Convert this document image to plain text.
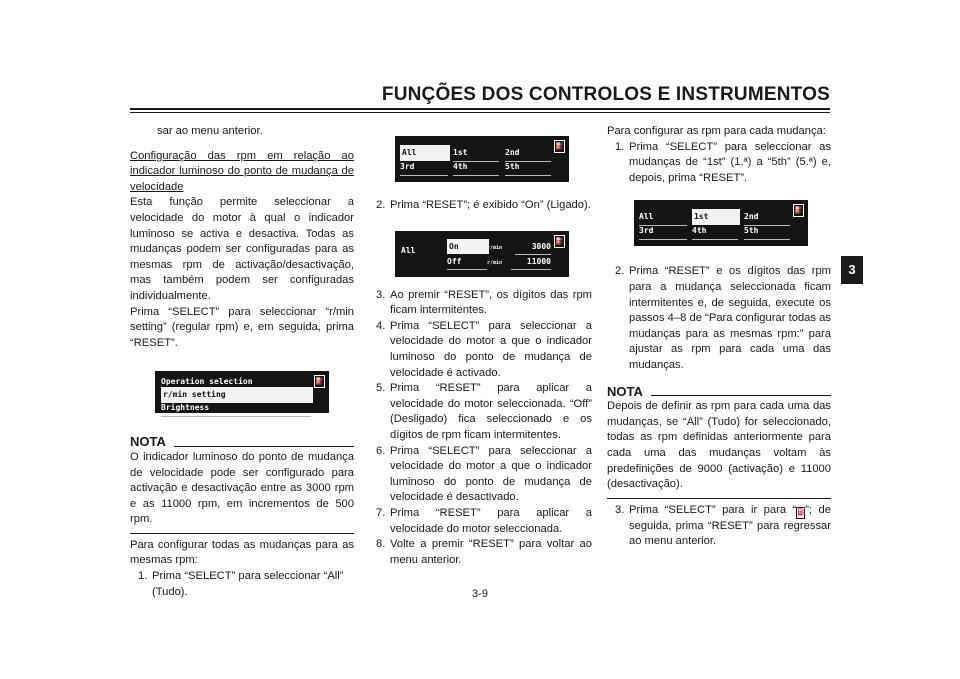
FUNÇÕES DOS CONTROLOS E INSTRUMENTOS
3

sar ao menu anterior.

Configuração das rpm em relação ao indicador luminoso do ponto de mudança de velocidade

Esta função permite seleccionar a velocidade do motor à qual o indicador luminoso se activa e desactiva. Todas as mudanças podem ser configuradas para as mesmas rpm de activação/desactivação, mas também podem ser configuradas individualmente.

Prima “SELECT” para seleccionar “r/min setting” (regular rpm) e, em seguida, prima “RESET”.

Operation selection
r/min setting
Brightness
⛽
NOTA

O indicador luminoso do ponto de mudança de velocidade pode ser configurado para activação e desactivação entre as 3000 rpm e as 11000 rpm, em incrementos de 500 rpm.

Para configurar todas as mudanças para as mesmas rpm:

1. Prima “SELECT” para seleccionar “All” (Tudo).
All	1st	2nd
3rd	4th	5th
⛽
2. Prima “RESET”; é exibido “On” (Ligado).
All	On	r/min	3000
Off	r/min	11000
⛽
3. Ao premir “RESET”, os dígitos das rpm ficam intermitentes.
4. Prima “SELECT” para seleccionar a velocidade do motor a que o indicador luminoso do ponto de mudança de velocidade é activado.
5. Prima “RESET” para aplicar a velocidade do motor seleccionada. “Off” (Desligado) fica seleccionado e os dígitos de rpm ficam intermitentes.
6. Prima “SELECT” para seleccionar a velocidade do motor a que o indicador luminoso do ponto de mudança de velocidade é desactivado.
7. Prima “RESET” para aplicar a velocidade do motor seleccionada.
8. Volte a premir “RESET” para voltar ao menu anterior.

Para configurar as rpm para cada mudança:

1. Prima “SELECT” para seleccionar as mudanças de “1st” (1.ª) a “5th” (5.ª) e, depois, prima “RESET”.
All	1st	2nd
3rd	4th	5th
⛽
2. Prima “RESET” e os dígitos das rpm para a mudança seleccionada ficam intermitentes e, de seguida, execute os passos 4–8 de “Para configurar todas as mudanças para as mesmas rpm:” para ajustar as rpm para cada uma das mudanças.
NOTA

Depois de definir as rpm para cada uma das mudanças, se “All” (Tudo) for seleccionado, todas as rpm definidas anteriormente para cada uma das mudanças voltam às predefinições de 9000 (activação) e 11000 (desactivação).

3. Prima “SELECT” para ir para “⛽”; de seguida, prima “RESET” para regressar ao menu anterior.
3-9
